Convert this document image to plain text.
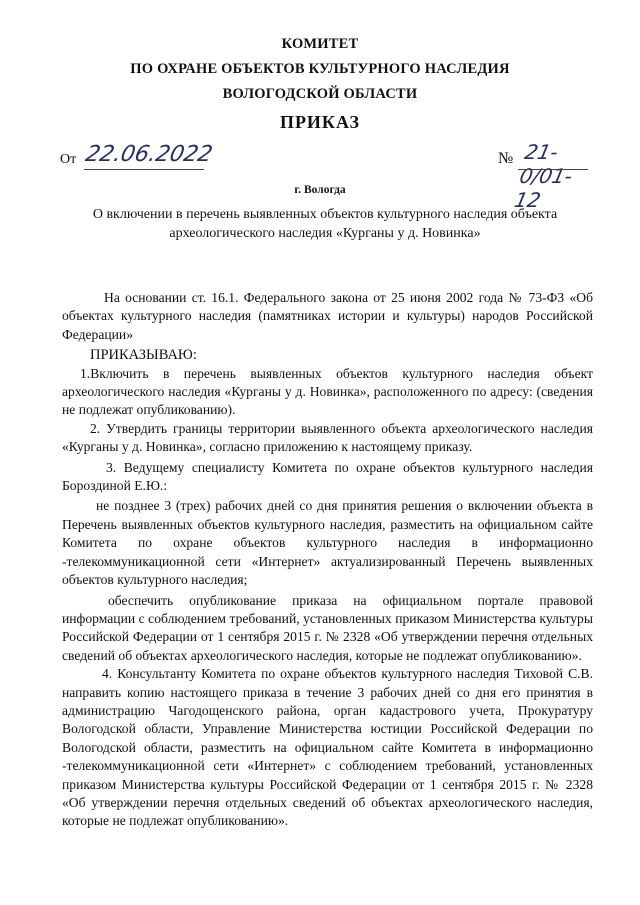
КОМИТЕТ
ПО ОХРАНЕ ОБЪЕКТОВ КУЛЬТУРНОГО НАСЛЕДИЯ
ВОЛОГОДСКОЙ ОБЛАСТИ
ПРИКАЗ
От 22.06.2022	№ 21-0/01-12
г. Вологда
О включении в перечень выявленных объектов культурного наследия объекта археологического наследия «Курганы у д. Новинка»

На основании ст. 16.1. Федерального закона от 25 июня 2002 года № 73-ФЗ «Об объектах культурного наследия (памятниках истории и культуры) народов Российской Федерации»

ПРИКАЗЫВАЮ:

1.Включить в перечень выявленных объектов культурного наследия объект археологического наследия «Курганы у д. Новинка», расположенного по адресу: (сведения не подлежат опубликованию).

2. Утвердить границы территории выявленного объекта археологического наследия «Курганы у д. Новинка», согласно приложению к настоящему приказу.

3. Ведущему специалисту Комитета по охране объектов культурного наследия Бороздиной Е.Ю.:

не позднее 3 (трех) рабочих дней со дня принятия решения о включении объекта в Перечень выявленных объектов культурного наследия, разместить на официальном сайте Комитета по охране объектов культурного наследия в информационно -телекоммуникационной сети «Интернет» актуализированный Перечень выявленных объектов культурного наследия;

обеспечить опубликование приказа на официальном портале правовой информации с соблюдением требований, установленных приказом Министерства культуры Российской Федерации от 1 сентября 2015 г. № 2328 «Об утверждении перечня отдельных сведений об объектах археологического наследия, которые не подлежат опубликованию».

4. Консультанту Комитета по охране объектов культурного наследия Тиховой С.В. направить копию настоящего приказа в течение 3 рабочих дней со дня его принятия в администрацию Чагодощенского района, орган кадастрового учета, Прокуратуру Вологодской области, Управление Министерства юстиции Российской Федерации по Вологодской области, разместить на официальном сайте Комитета в информационно -телекоммуникационной сети «Интернет» с соблюдением требований, установленных приказом Министерства культуры Российской Федерации от 1 сентября 2015 г. № 2328 «Об утверждении перечня отдельных сведений об объектах археологического наследия, которые не подлежат опубликованию».
